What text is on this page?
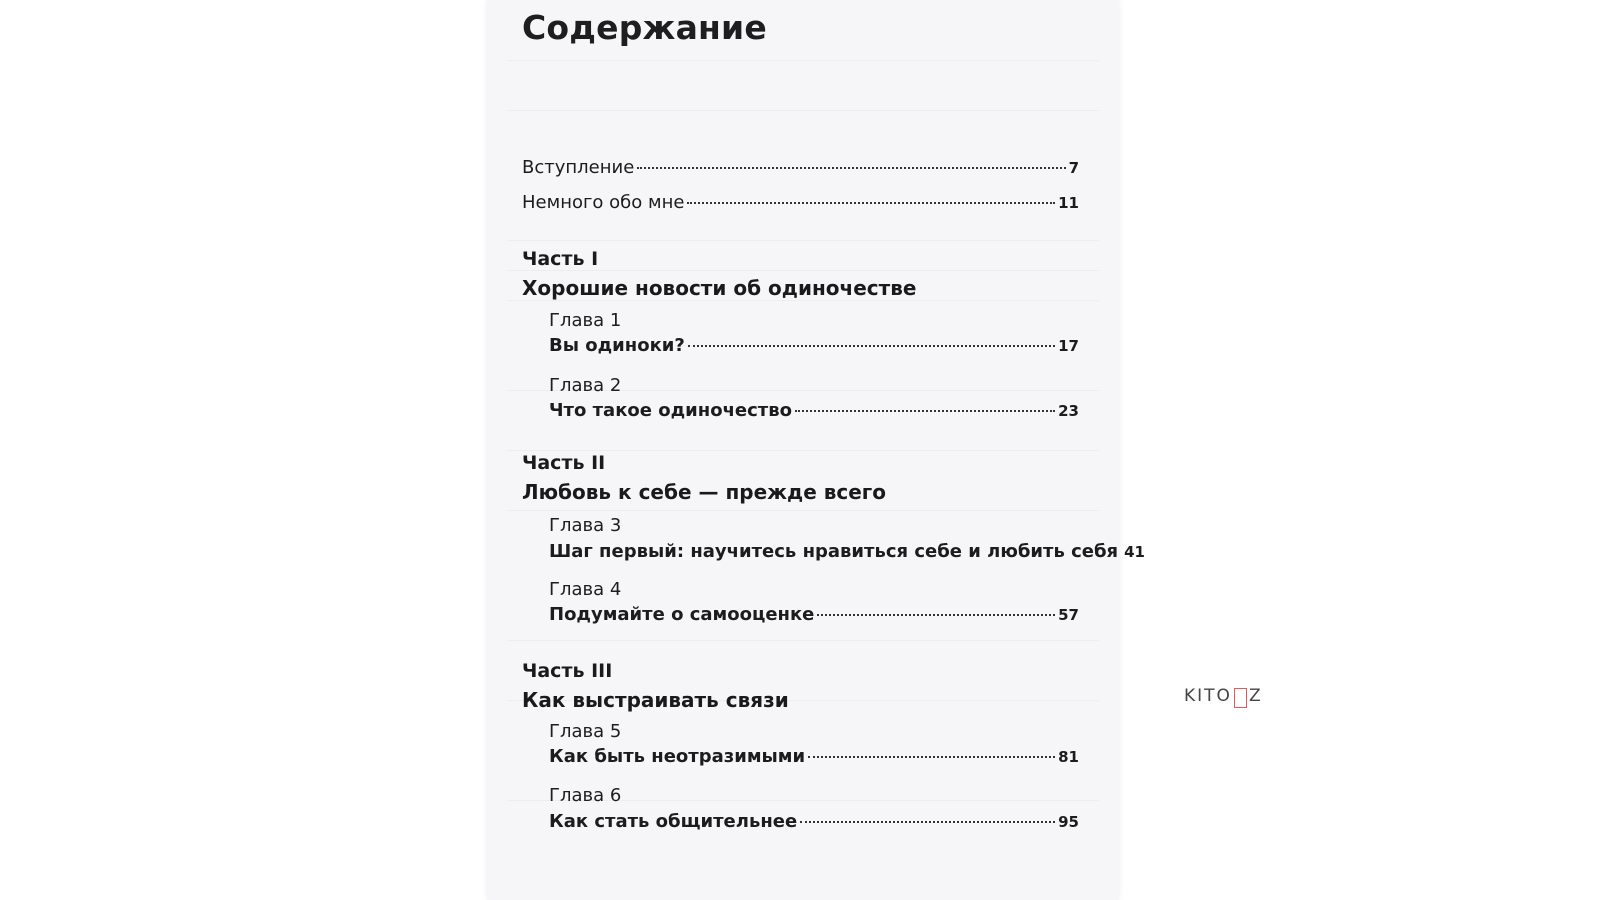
Содержание
Вступление	7
Немного обо мне	11
Часть I
Хорошие новости об одиночестве
Глава 1
Вы одиноки?	17
Глава 2
Что такое одиночество	23
Часть II
Любовь к себе — прежде всего
Глава 3
Шаг первый: научитесь нравиться себе и любить себя 41
Глава 4
Подумайте о самооценке	57
Часть III
Как выстраивать связи
Глава 5
Как быть неотразимыми	81
Глава 6
Как стать общительнее	95
KITO Z
